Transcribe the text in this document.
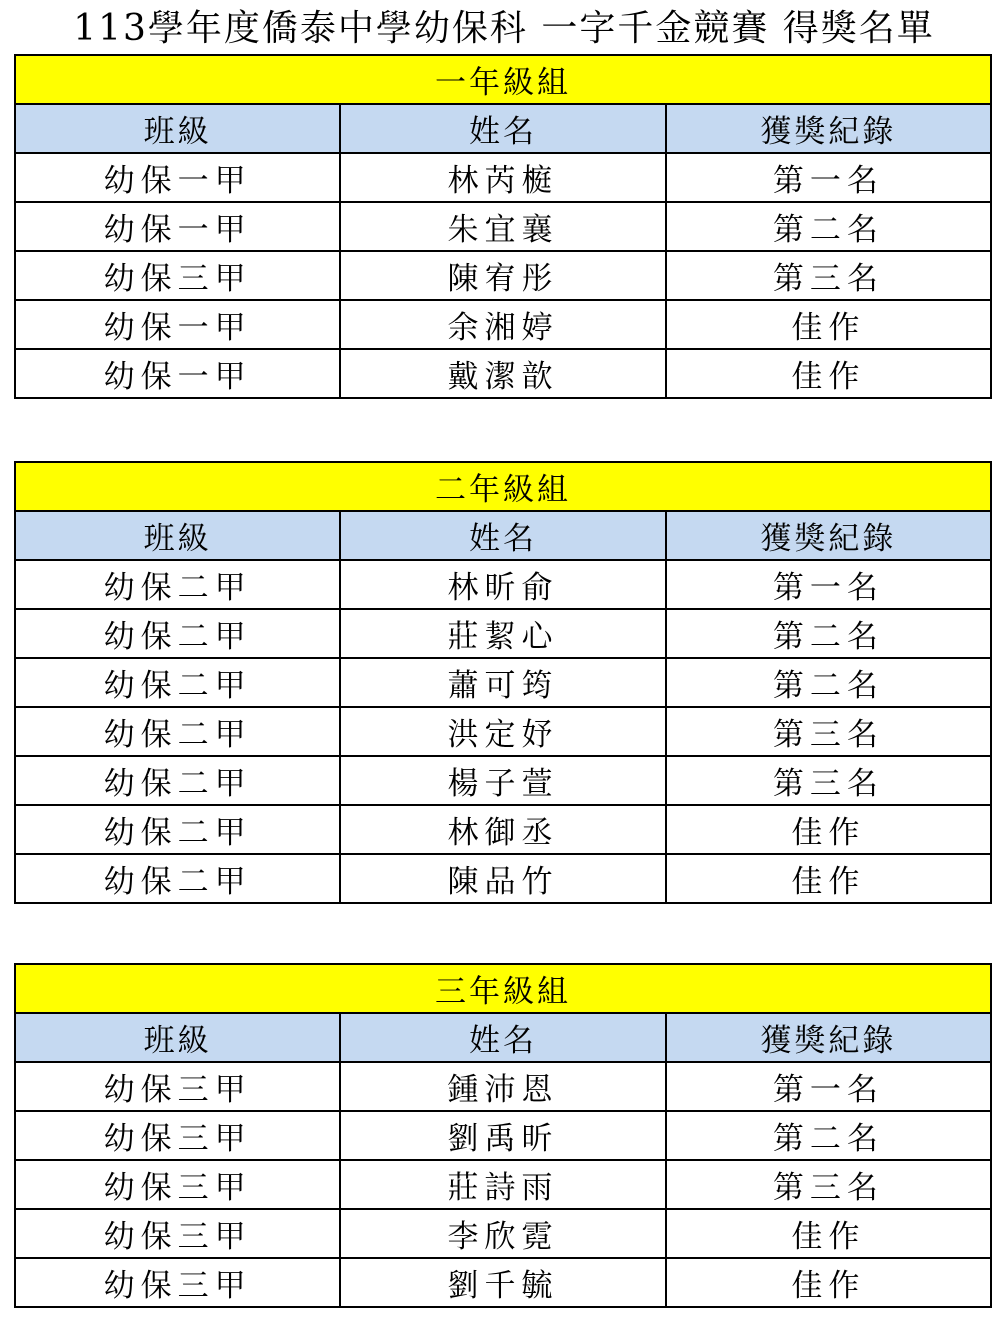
113學年度僑泰中學幼保科 一字千金競賽 得獎名單
一年級組		
班級	姓名	獲獎紀錄
幼保一甲	林芮榳	第一名
幼保一甲	朱宜襄	第二名
幼保三甲	陳宥彤	第三名
幼保一甲	余湘婷	佳作
幼保一甲	戴潔歆	佳作
二年級組		
班級	姓名	獲獎紀錄
幼保二甲	林昕俞	第一名
幼保二甲	莊絜心	第二名
幼保二甲	蕭可筠	第二名
幼保二甲	洪定妤	第三名
幼保二甲	楊子萱	第三名
幼保二甲	林御丞	佳作
幼保二甲	陳品竹	佳作
三年級組		
班級	姓名	獲獎紀錄
幼保三甲	鍾沛恩	第一名
幼保三甲	劉禹昕	第二名
幼保三甲	莊詩雨	第三名
幼保三甲	李欣霓	佳作
幼保三甲	劉千毓	佳作
